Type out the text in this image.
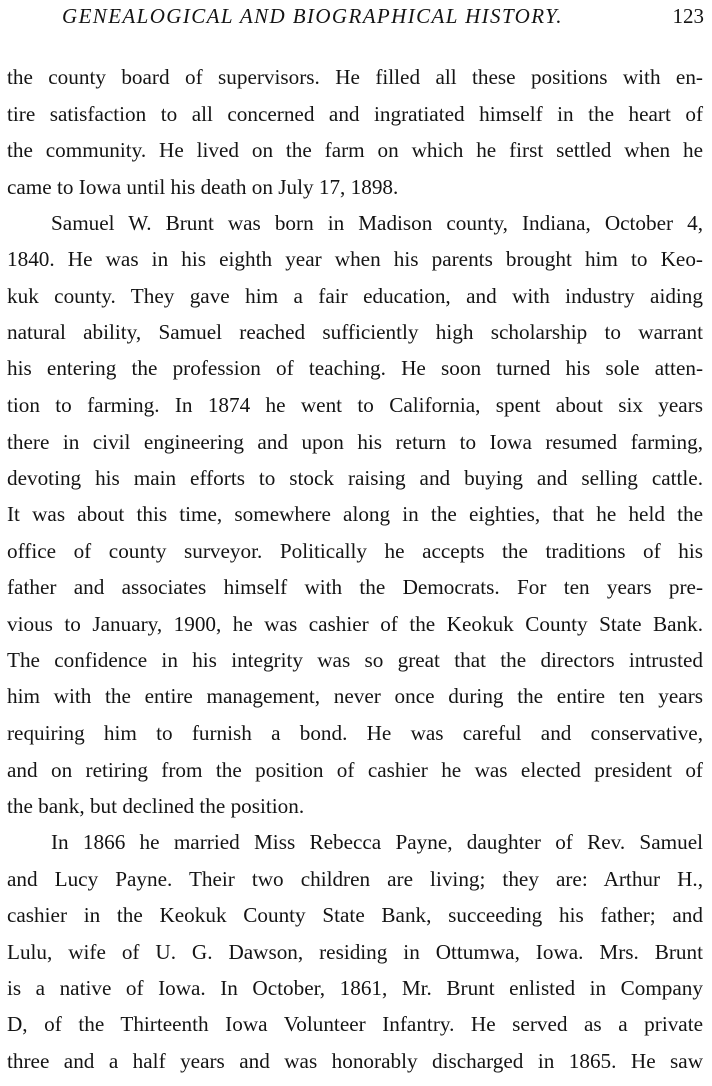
GENEALOGICAL AND BIOGRAPHICAL HISTORY.	123
the county board of supervisors. He filled all these positions with en-
tire satisfaction to all concerned and ingratiated himself in the heart of
the community. He lived on the farm on which he first settled when he
came to Iowa until his death on July 17, 1898.
Samuel W. Brunt was born in Madison county, Indiana, October 4,
1840. He was in his eighth year when his parents brought him to Keo-
kuk county. They gave him a fair education, and with industry aiding
natural ability, Samuel reached sufficiently high scholarship to warrant
his entering the profession of teaching. He soon turned his sole atten-
tion to farming. In 1874 he went to California, spent about six years
there in civil engineering and upon his return to Iowa resumed farming,
devoting his main efforts to stock raising and buying and selling cattle.
It was about this time, somewhere along in the eighties, that he held the
office of county surveyor. Politically he accepts the traditions of his
father and associates himself with the Democrats. For ten years pre-
vious to January, 1900, he was cashier of the Keokuk County State Bank.
The confidence in his integrity was so great that the directors intrusted
him with the entire management, never once during the entire ten years
requiring him to furnish a bond. He was careful and conservative,
and on retiring from the position of cashier he was elected president of
the bank, but declined the position.
In 1866 he married Miss Rebecca Payne, daughter of Rev. Samuel
and Lucy Payne. Their two children are living; they are: Arthur H.,
cashier in the Keokuk County State Bank, succeeding his father; and
Lulu, wife of U. G. Dawson, residing in Ottumwa, Iowa. Mrs. Brunt
is a native of Iowa. In October, 1861, Mr. Brunt enlisted in Company
D, of the Thirteenth Iowa Volunteer Infantry. He served as a private
three and a half years and was honorably discharged in 1865. He saw
